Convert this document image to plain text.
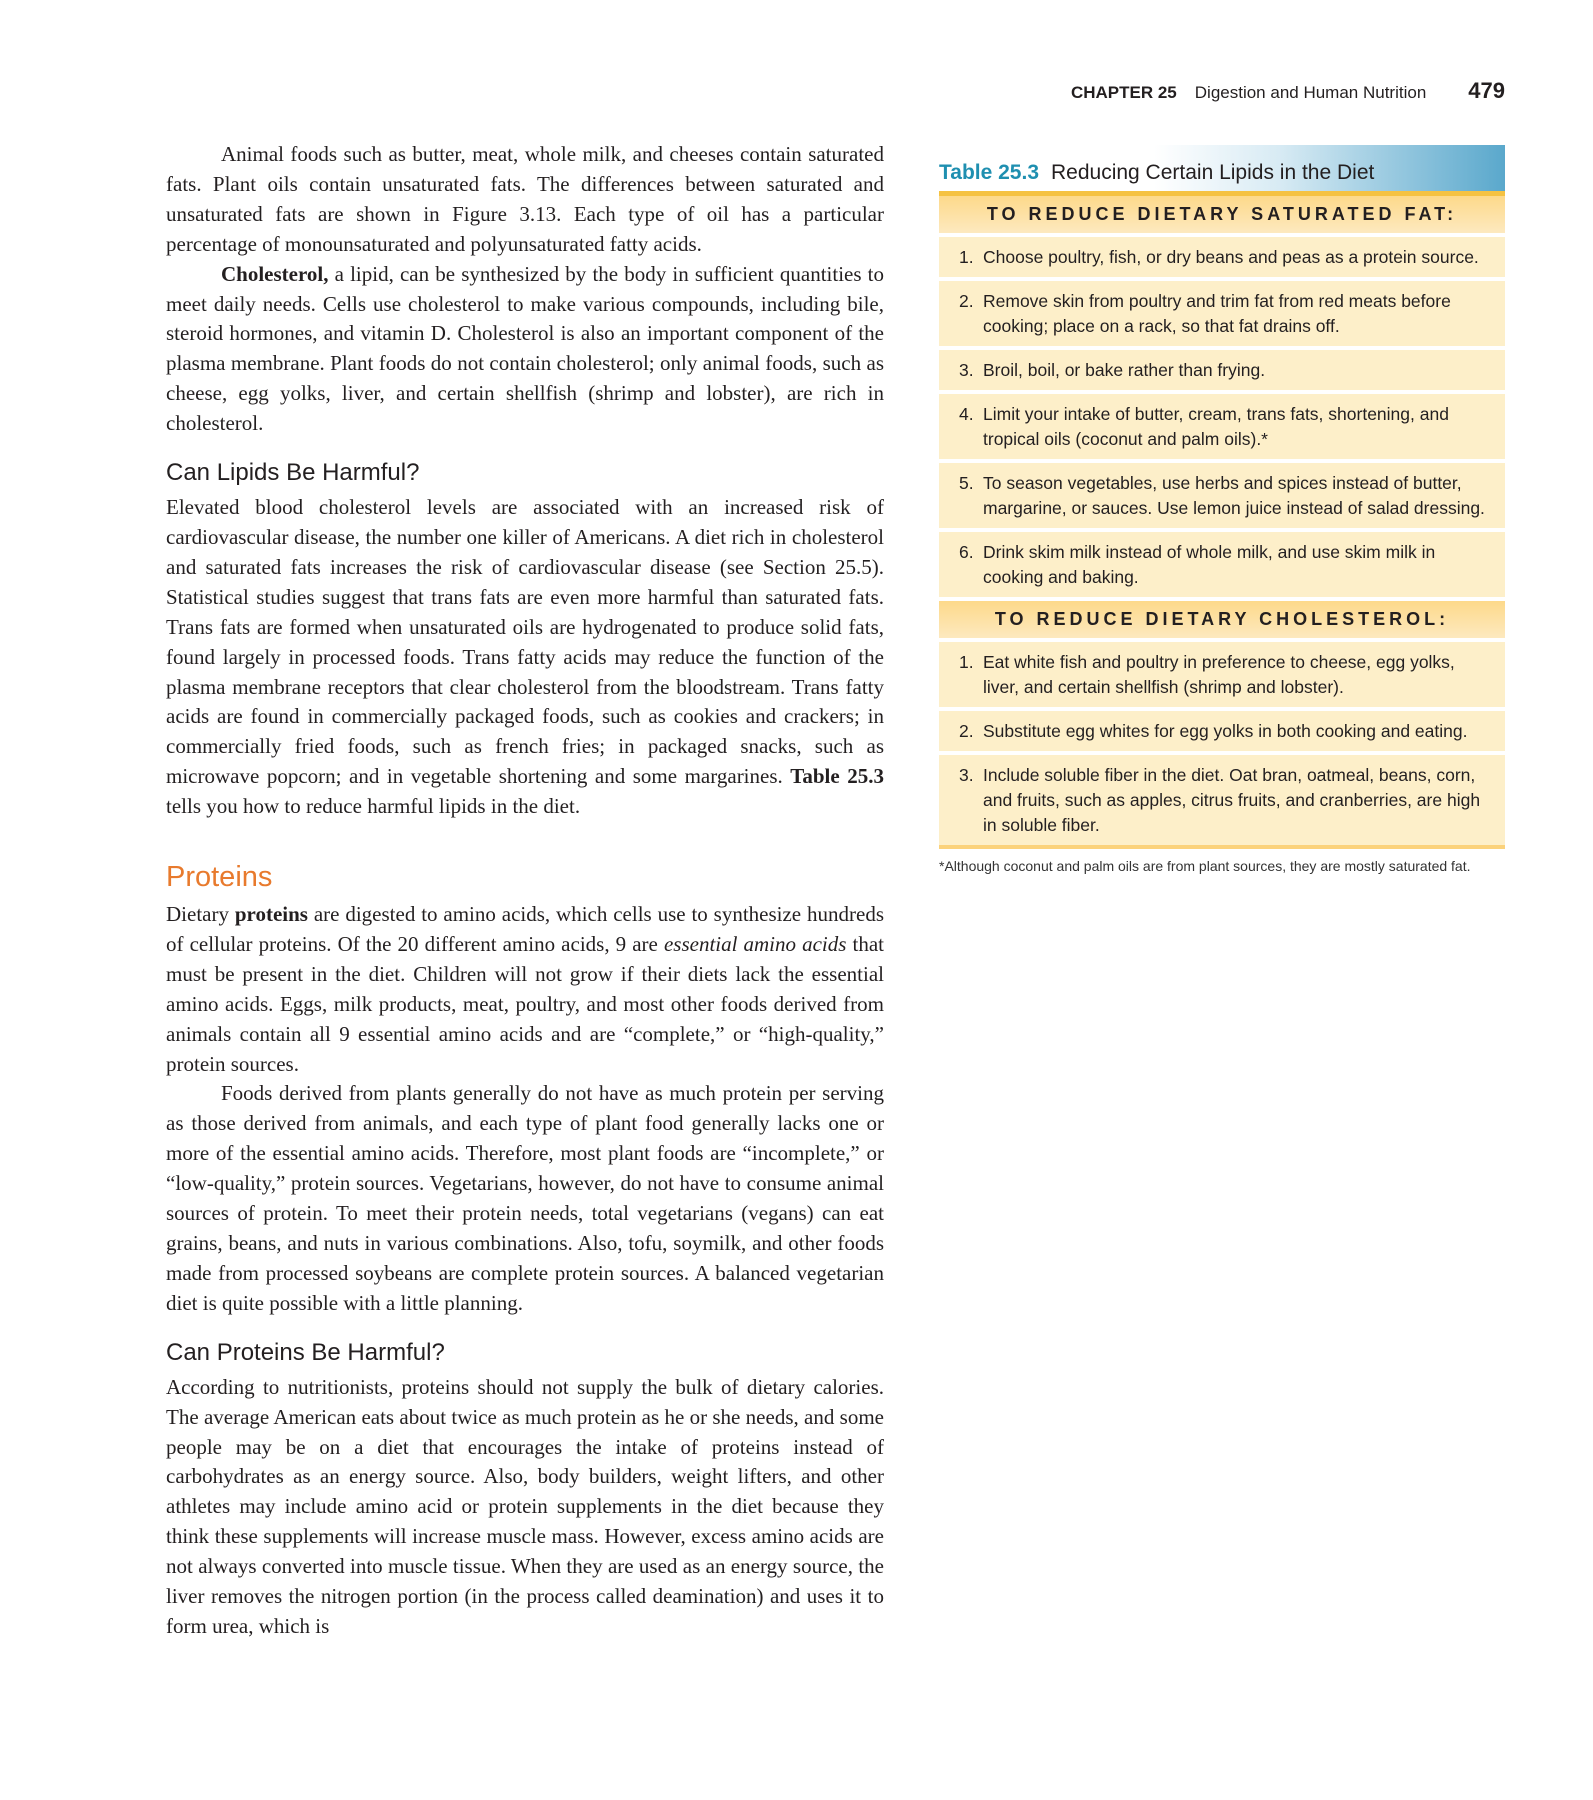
CHAPTER 25 Digestion and Human Nutrition 479

Animal foods such as butter, meat, whole milk, and cheeses contain saturated fats. Plant oils contain unsaturated fats. The differences between saturated and unsaturated fats are shown in Figure 3.13. Each type of oil has a particular percentage of monounsaturated and polyunsaturated fatty acids.

Cholesterol, a lipid, can be synthesized by the body in sufficient quantities to meet daily needs. Cells use cholesterol to make various compounds, including bile, steroid hormones, and vitamin D. Cholesterol is also an important component of the plasma membrane. Plant foods do not contain cholesterol; only animal foods, such as cheese, egg yolks, liver, and certain shellfish (shrimp and lobster), are rich in cholesterol.

Can Lipids Be Harmful?

Elevated blood cholesterol levels are associated with an increased risk of cardiovascular disease, the number one killer of Americans. A diet rich in cholesterol and saturated fats increases the risk of cardiovascular disease (see Section 25.5). Statistical studies suggest that trans fats are even more harmful than saturated fats. Trans fats are formed when unsaturated oils are hydrogenated to produce solid fats, found largely in processed foods. Trans fatty acids may reduce the function of the plasma membrane receptors that clear cholesterol from the bloodstream. Trans fatty acids are found in commercially packaged foods, such as cookies and crackers; in commercially fried foods, such as french fries; in packaged snacks, such as microwave popcorn; and in vegetable shortening and some margarines. Table 25.3 tells you how to reduce harmful lipids in the diet.

Proteins

Dietary proteins are digested to amino acids, which cells use to synthesize hundreds of cellular proteins. Of the 20 different amino acids, 9 are essential amino acids that must be present in the diet. Children will not grow if their diets lack the essential amino acids. Eggs, milk products, meat, poultry, and most other foods derived from animals contain all 9 essential amino acids and are “complete,” or “high-quality,” protein sources.

Foods derived from plants generally do not have as much protein per serving as those derived from animals, and each type of plant food generally lacks one or more of the essential amino acids. Therefore, most plant foods are “incomplete,” or “low-quality,” protein sources. Vegetarians, however, do not have to consume animal sources of protein. To meet their protein needs, total vegetarians (vegans) can eat grains, beans, and nuts in various combinations. Also, tofu, soymilk, and other foods made from processed soybeans are complete protein sources. A balanced vegetarian diet is quite possible with a little planning.

Can Proteins Be Harmful?

According to nutritionists, proteins should not supply the bulk of dietary calories. The average American eats about twice as much protein as he or she needs, and some people may be on a diet that encourages the intake of proteins instead of carbohydrates as an energy source. Also, body builders, weight lifters, and other athletes may include amino acid or protein supplements in the diet because they think these supplements will increase muscle mass. However, excess amino acids are not always converted into muscle tissue. When they are used as an energy source, the liver removes the nitrogen portion (in the process called deamination) and uses it to form urea, which is

Table 25.3 Reducing Certain Lipids in the Diet
TO REDUCE DIETARY SATURATED FAT:
1. Choose poultry, fish, or dry beans and peas as a protein source.
2. Remove skin from poultry and trim fat from red meats before cooking; place on a rack, so that fat drains off.
3. Broil, boil, or bake rather than frying.
4. Limit your intake of butter, cream, trans fats, shortening, and tropical oils (coconut and palm oils).*
5. To season vegetables, use herbs and spices instead of butter, margarine, or sauces. Use lemon juice instead of salad dressing.
6. Drink skim milk instead of whole milk, and use skim milk in cooking and baking.
TO REDUCE DIETARY CHOLESTEROL:
1. Eat white fish and poultry in preference to cheese, egg yolks, liver, and certain shellfish (shrimp and lobster).
2. Substitute egg whites for egg yolks in both cooking and eating.
3. Include soluble fiber in the diet. Oat bran, oatmeal, beans, corn, and fruits, such as apples, citrus fruits, and cranberries, are high in soluble fiber.
*Although coconut and palm oils are from plant sources, they are mostly saturated fat.
